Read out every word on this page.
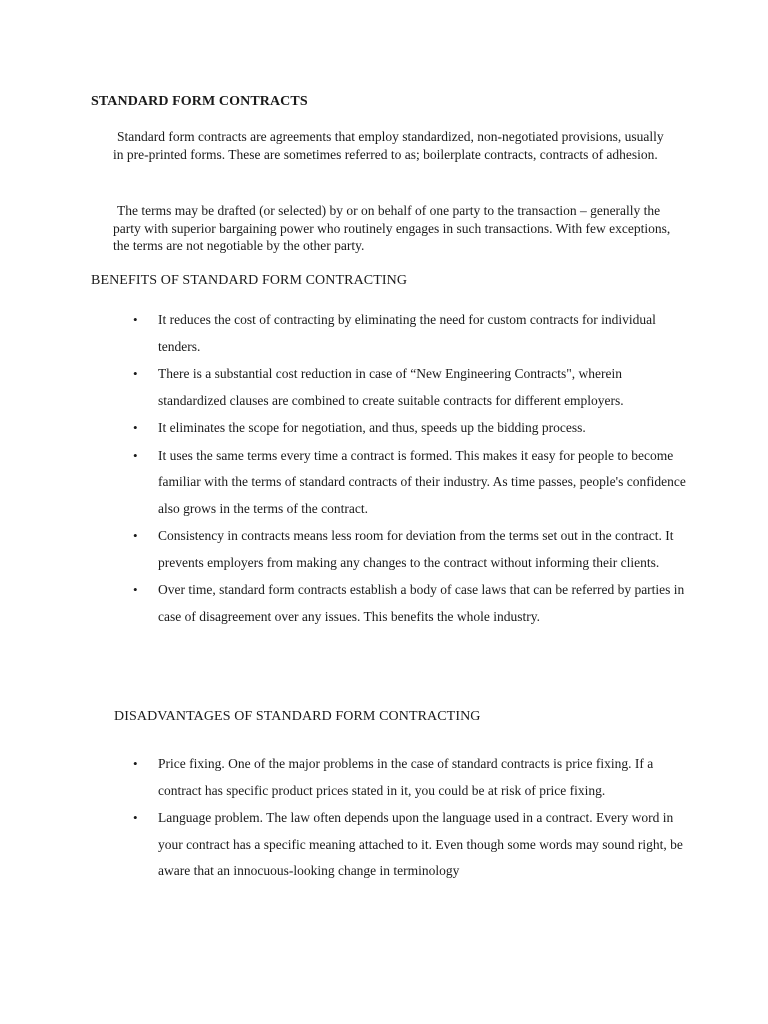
STANDARD FORM CONTRACTS

Standard form contracts are agreements that employ standardized, non-negotiated provisions, usually in pre-printed forms. These are sometimes referred to as; boilerplate contracts, contracts of adhesion.

The terms may be drafted (or selected) by or on behalf of one party to the transaction – generally the party with superior bargaining power who routinely engages in such transactions. With few exceptions, the terms are not negotiable by the other party.

BENEFITS OF STANDARD FORM CONTRACTING
• It reduces the cost of contracting by eliminating the need for custom contracts for individual tenders.
• There is a substantial cost reduction in case of “New Engineering Contracts", wherein standardized clauses are combined to create suitable contracts for different employers.
• It eliminates the scope for negotiation, and thus, speeds up the bidding process.
• It uses the same terms every time a contract is formed. This makes it easy for people to become familiar with the terms of standard contracts of their industry. As time passes, people's confidence also grows in the terms of the contract.
• Consistency in contracts means less room for deviation from the terms set out in the contract. It prevents employers from making any changes to the contract without informing their clients.
• Over time, standard form contracts establish a body of case laws that can be referred by parties in case of disagreement over any issues. This benefits the whole industry.
DISADVANTAGES OF STANDARD FORM CONTRACTING
• Price fixing. One of the major problems in the case of standard contracts is price fixing. If a contract has specific product prices stated in it, you could be at risk of price fixing.
• Language problem. The law often depends upon the language used in a contract. Every word in your contract has a specific meaning attached to it. Even though some words may sound right, be aware that an innocuous-looking change in terminology
